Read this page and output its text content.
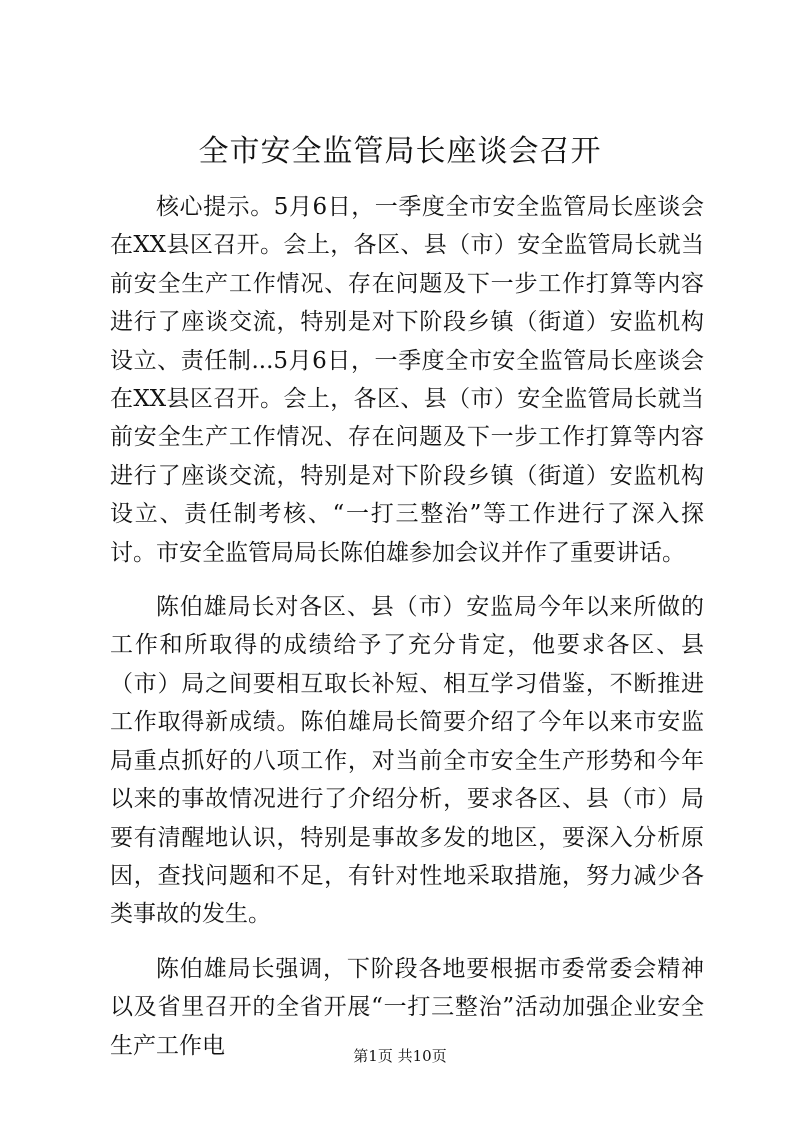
全市安全监管局长座谈会召开

核心提示。5月6日，一季度全市安全监管局长座谈会在XX县区召开。会上，各区、县（市）安全监管局长就当前安全生产工作情况、存在问题及下一步工作打算等内容进行了座谈交流，特别是对下阶段乡镇（街道）安监机构设立、责任制...5月6日，一季度全市安全监管局长座谈会在XX县区召开。会上，各区、县（市）安全监管局长就当前安全生产工作情况、存在问题及下一步工作打算等内容进行了座谈交流，特别是对下阶段乡镇（街道）安监机构设立、责任制考核、“一打三整治”等工作进行了深入探讨。市安全监管局局长陈伯雄参加会议并作了重要讲话。

陈伯雄局长对各区、县（市）安监局今年以来所做的工作和所取得的成绩给予了充分肯定，他要求各区、县（市）局之间要相互取长补短、相互学习借鉴，不断推进工作取得新成绩。陈伯雄局长简要介绍了今年以来市安监局重点抓好的八项工作，对当前全市安全生产形势和今年以来的事故情况进行了介绍分析，要求各区、县（市）局要有清醒地认识，特别是事故多发的地区，要深入分析原因，查找问题和不足，有针对性地采取措施，努力减少各类事故的发生。

陈伯雄局长强调，下阶段各地要根据市委常委会精神以及省里召开的全省开展“一打三整治”活动加强企业安全生产工作电	第1页 共10页
